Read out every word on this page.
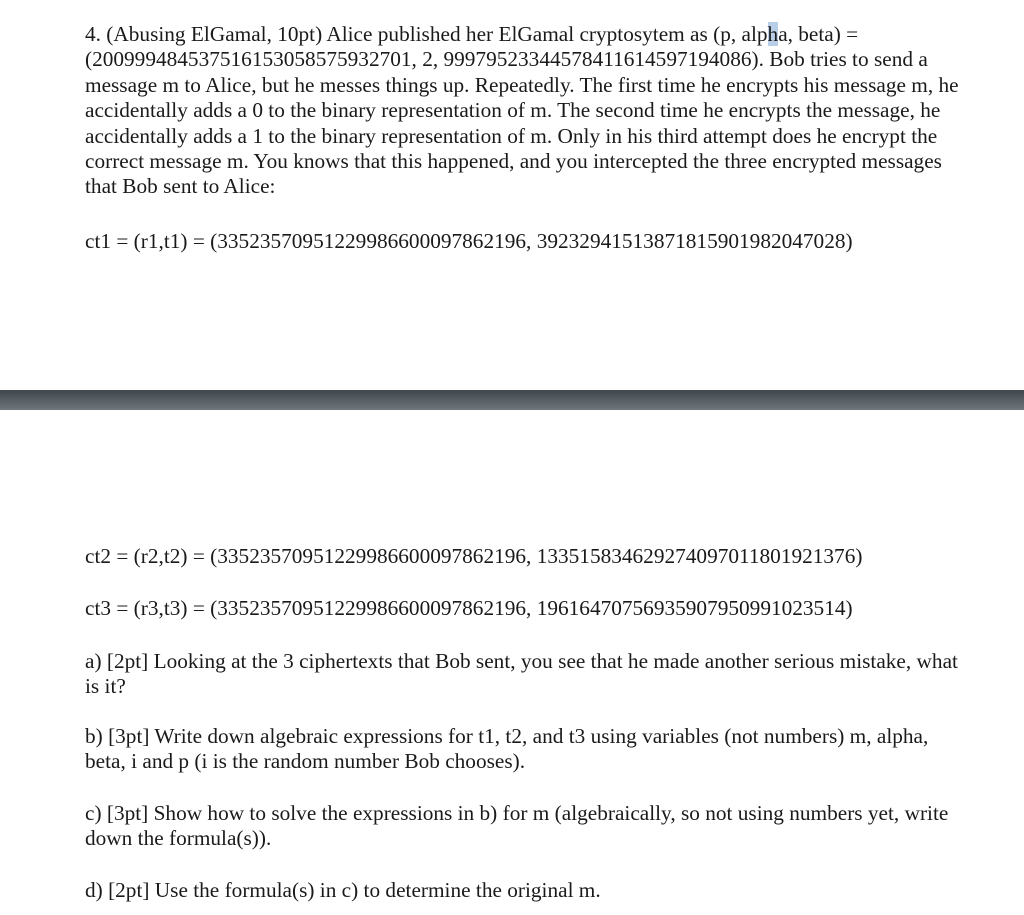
4. (Abusing ElGamal, 10pt) Alice published her ElGamal cryptosytem as (p, alpha, beta) = (200999484537516153058575932701, 2, 99979523344578411614597194086). Bob tries to send a message m to Alice, but he messes things up. Repeatedly. The first time he encrypts his message m, he accidentally adds a 0 to the binary representation of m. The second time he encrypts the message, he accidentally adds a 1 to the binary representation of m. Only in his third attempt does he encrypt the correct message m. You knows that this happened, and you intercepted the three encrypted messages that Bob sent to Alice:

ct1 = (r1,t1) = (33523570951229986600097862196, 39232941513871815901982047028)

ct2 = (r2,t2) = (33523570951229986600097862196, 133515834629274097011801921376)

ct3 = (r3,t3) = (33523570951229986600097862196, 19616470756935907950991023514)

a) [2pt] Looking at the 3 ciphertexts that Bob sent, you see that he made another serious mistake, what is it?

b) [3pt] Write down algebraic expressions for t1, t2, and t3 using variables (not numbers) m, alpha, beta, i and p (i is the random number Bob chooses).

c) [3pt] Show how to solve the expressions in b) for m (algebraically, so not using numbers yet, write down the formula(s)).

d) [2pt] Use the formula(s) in c) to determine the original m.
